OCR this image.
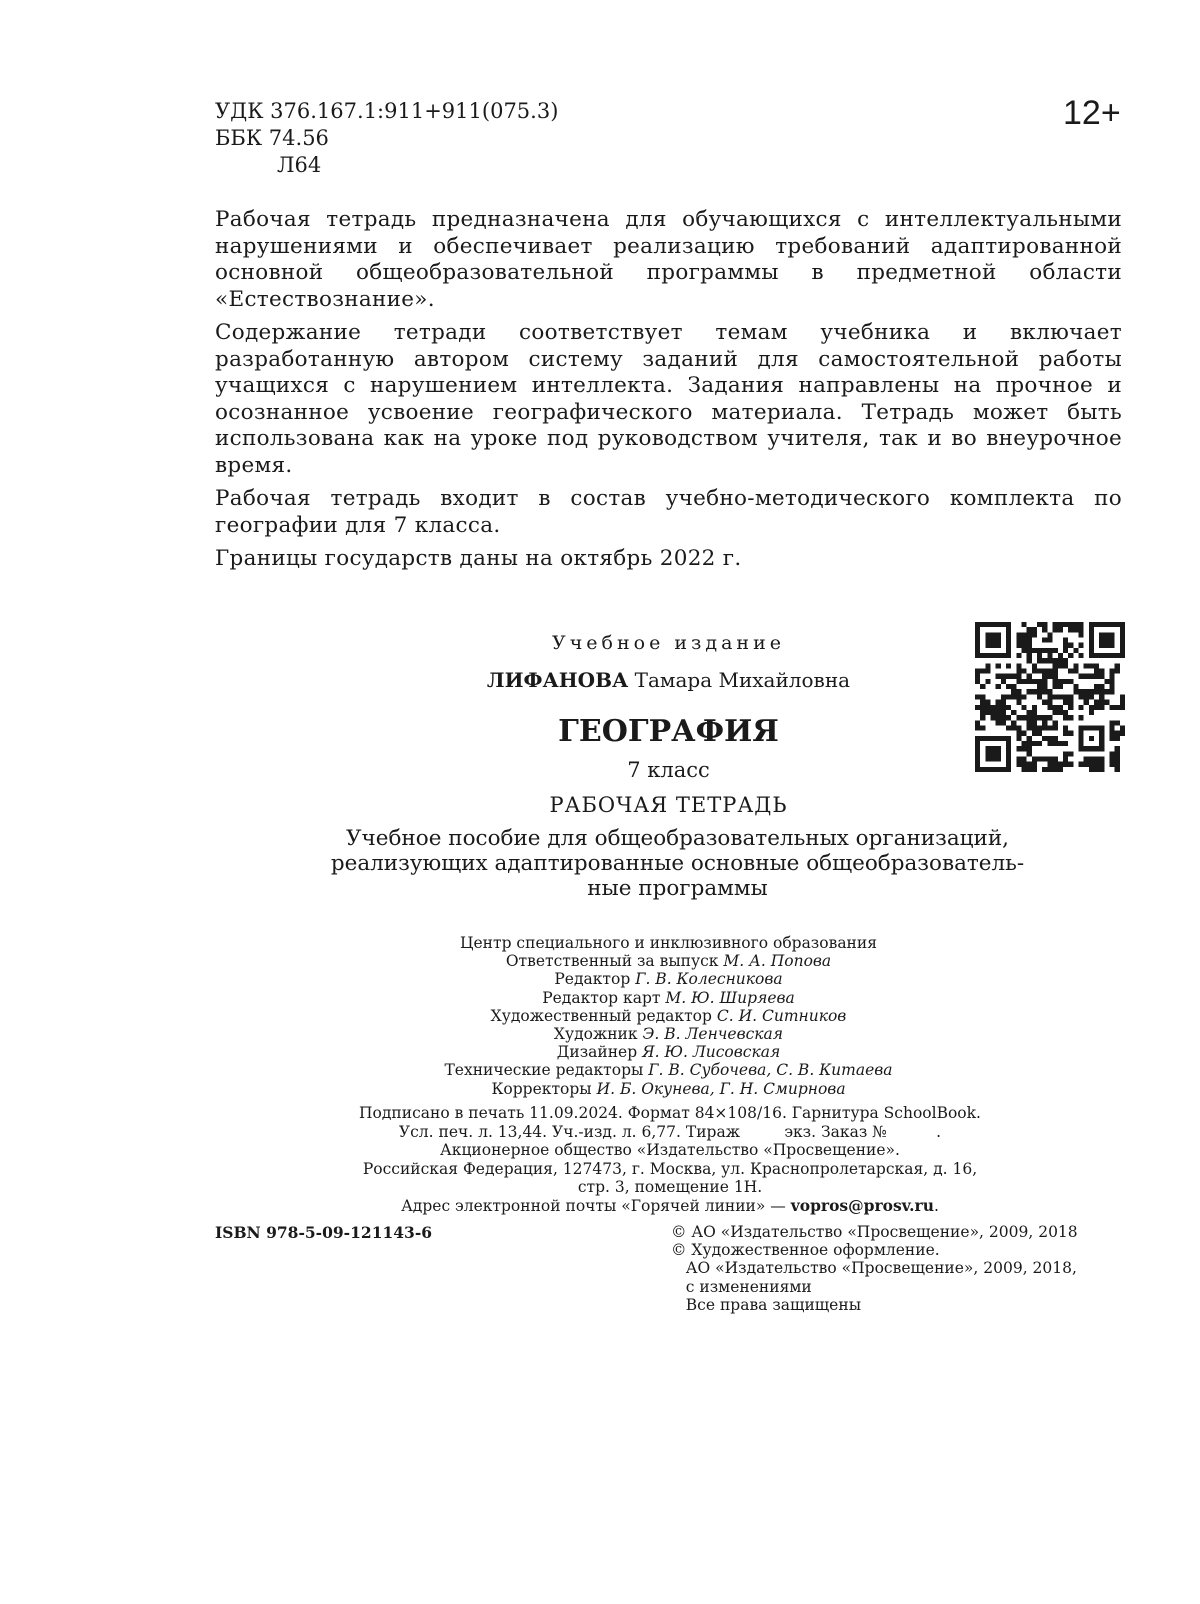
УДК 376.167.1:911+911(075.3)
ББК 74.56
Л64
12+

Рабочая тетрадь предназначена для обучающихся с интеллектуальными нарушениями и обеспечивает реализацию требований адаптированной основной общеобразовательной программы в предметной области «Естествознание».

Содержание тетради соответствует темам учебника и включает разработанную автором систему заданий для самостоятельной работы учащихся с нарушением интеллекта. Задания направлены на прочное и осознанное усвоение географического материала. Тетрадь может быть использована как на уроке под руководством учителя, так и во внеурочное время.

Рабочая тетрадь входит в состав учебно-методического комплекта по географии для 7 класса.

Границы государств даны на октябрь 2022 г.

Учебное издание
ЛИФАНОВА Тамара Михайловна
ГЕОГРАФИЯ
7 класс
РАБОЧАЯ ТЕТРАДЬ
Учебное пособие для общеобразовательных организаций,
реализующих адаптированные основные общеобразователь-
ные программы
Центр специального и инклюзивного образования
Ответственный за выпуск М. А. Попова
Редактор Г. В. Колесникова
Редактор карт М. Ю. Ширяева
Художественный редактор С. И. Ситников
Художник Э. В. Ленчевская
Дизайнер Я. Ю. Лисовская
Технические редакторы Г. В. Субочева, С. В. Китаева
Корректоры И. Б. Окунева, Г. Н. Смирнова
Подписано в печать 11.09.2024. Формат 84×108/16. Гарнитура SchoolBook.
Усл. печ. л. 13,44. Уч.-изд. л. 6,77. Тираж         экз. Заказ №          .
Акционерное общество «Издательство «Просвещение».
Российская Федерация, 127473, г. Москва, ул. Краснопролетарская, д. 16,
стр. 3, помещение 1Н.
Адрес электронной почты «Горячей линии» — vopros@prosv.ru.
ISBN 978-5-09-121143-6	© АО «Издательство «Просвещение», 2009, 2018
© Художественное оформление.
АО «Издательство «Просвещение», 2009, 2018,
с изменениями
Все права защищены
